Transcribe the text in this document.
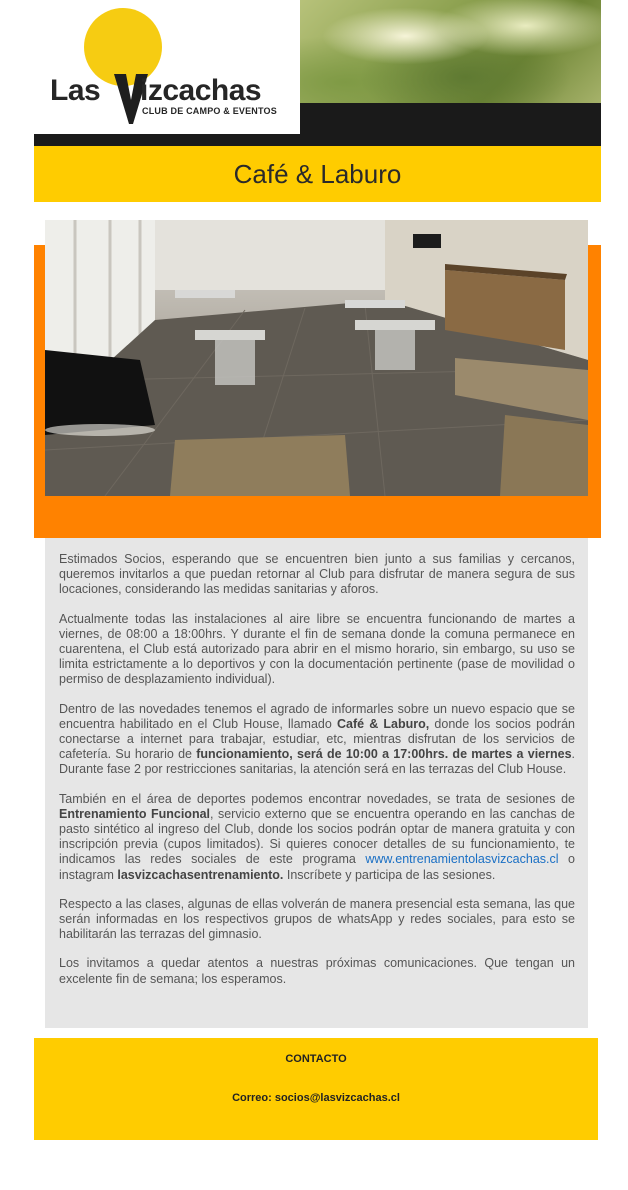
Las izcachas
CLUB DE CAMPO & EVENTOS
Café & Laburo

Estimados Socios, esperando que se encuentren bien junto a sus familias y cercanos, queremos invitarlos a que puedan retornar al Club para disfrutar de manera segura de sus locaciones, considerando las medidas sanitarias y aforos.

Actualmente todas las instalaciones al aire libre se encuentra funcionando de martes a viernes, de 08:00 a 18:00hrs. Y durante el fin de semana donde la comuna permanece en cuarentena, el Club está autorizado para abrir en el mismo horario, sin embargo, su uso se limita estrictamente a lo deportivos y con la documentación pertinente (pase de movilidad o permiso de desplazamiento individual).

Dentro de las novedades tenemos el agrado de informarles sobre un nuevo espacio que se encuentra habilitado en el Club House, llamado Café & Laburo, donde los socios podrán conectarse a internet para trabajar, estudiar, etc, mientras disfrutan de los servicios de cafetería. Su horario de funcionamiento, será de 10:00 a 17:00hrs. de martes a viernes. Durante fase 2 por restricciones sanitarias, la atención será en las terrazas del Club House.

También en el área de deportes podemos encontrar novedades, se trata de sesiones de Entrenamiento Funcional, servicio externo que se encuentra operando en las canchas de pasto sintético al ingreso del Club, donde los socios podrán optar de manera gratuita y con inscripción previa (cupos limitados). Si quieres conocer detalles de su funcionamiento, te indicamos las redes sociales de este programa www.entrenamientolasvizcachas.cl o instagram lasvizcachasentrenamiento. Inscríbete y participa de las sesiones.

Respecto a las clases, algunas de ellas volverán de manera presencial esta semana, las que serán informadas en los respectivos grupos de whatsApp y redes sociales, para esto se habilitarán las terrazas del gimnasio.

Los invitamos a quedar atentos a nuestras próximas comunicaciones. Que tengan un excelente fin de semana; los esperamos.

CONTACTO
Correo: socios@lasvizcachas.cl
